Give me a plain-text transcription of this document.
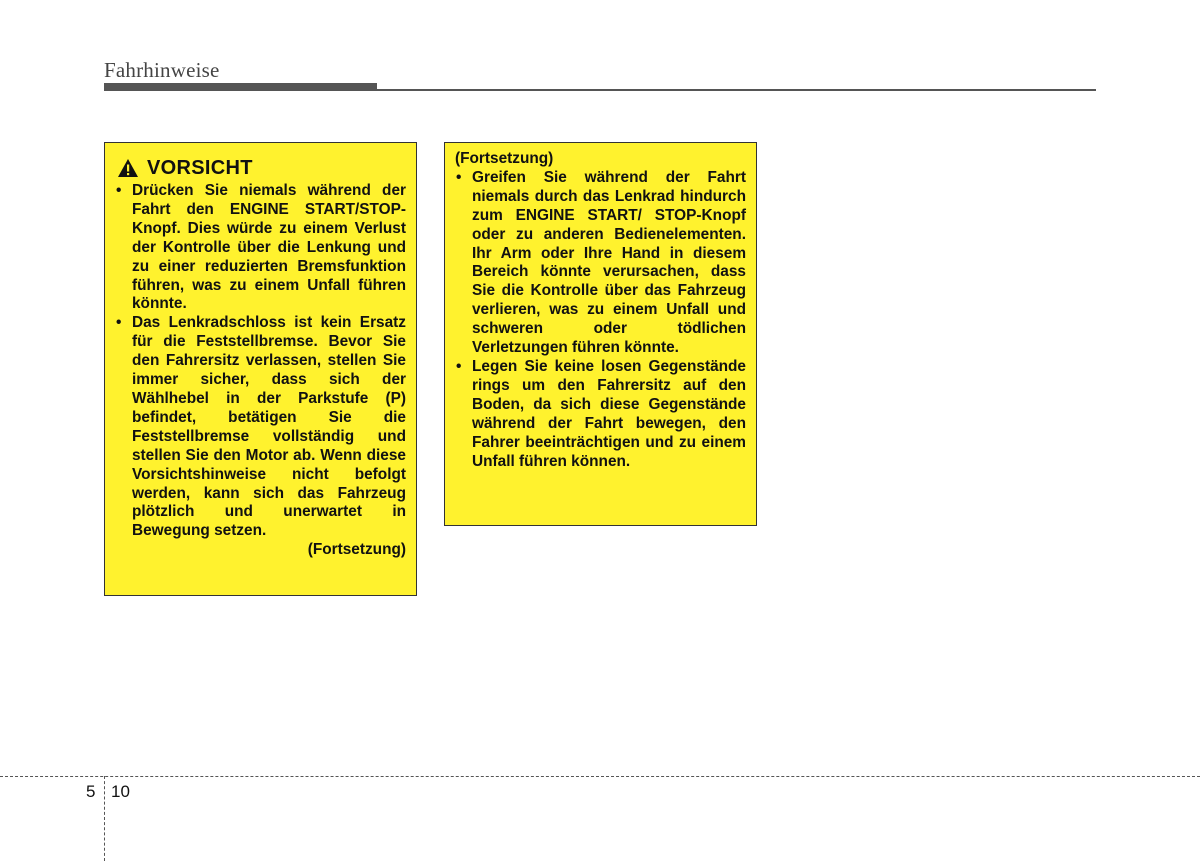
Fahrhinweise
VORSICHT
• Drücken Sie niemals während der Fahrt den ENGINE START/STOP-Knopf. Dies würde zu einem Verlust der Kontrolle über die Lenkung und zu einer reduzierten Bremsfunktion führen, was zu einem Unfall führen könnte.
• Das Lenkradschloss ist kein Ersatz für die Feststellbremse. Bevor Sie den Fahrersitz verlassen, stellen Sie immer sicher, dass sich der Wählhebel in der Parkstufe (P) befindet, betätigen Sie die Feststellbremse vollständig und stellen Sie den Motor ab. Wenn diese Vorsichtshinweise nicht befolgt werden, kann sich das Fahrzeug plötzlich und unerwartet in Bewegung setzen.
(Fortsetzung)
(Fortsetzung)
• Greifen Sie während der Fahrt niemals durch das Lenkrad hindurch zum ENGINE START/ STOP-Knopf oder zu anderen Bedienelementen. Ihr Arm oder Ihre Hand in diesem Bereich könnte verursachen, dass Sie die Kontrolle über das Fahrzeug verlieren, was zu einem Unfall und schweren oder tödlichen Verletzungen führen könnte.
• Legen Sie keine losen Gegenstände rings um den Fahrersitz auf den Boden, da sich diese Gegenstände während der Fahrt bewegen, den Fahrer beeinträchtigen und zu einem Unfall führen können.
5 10
